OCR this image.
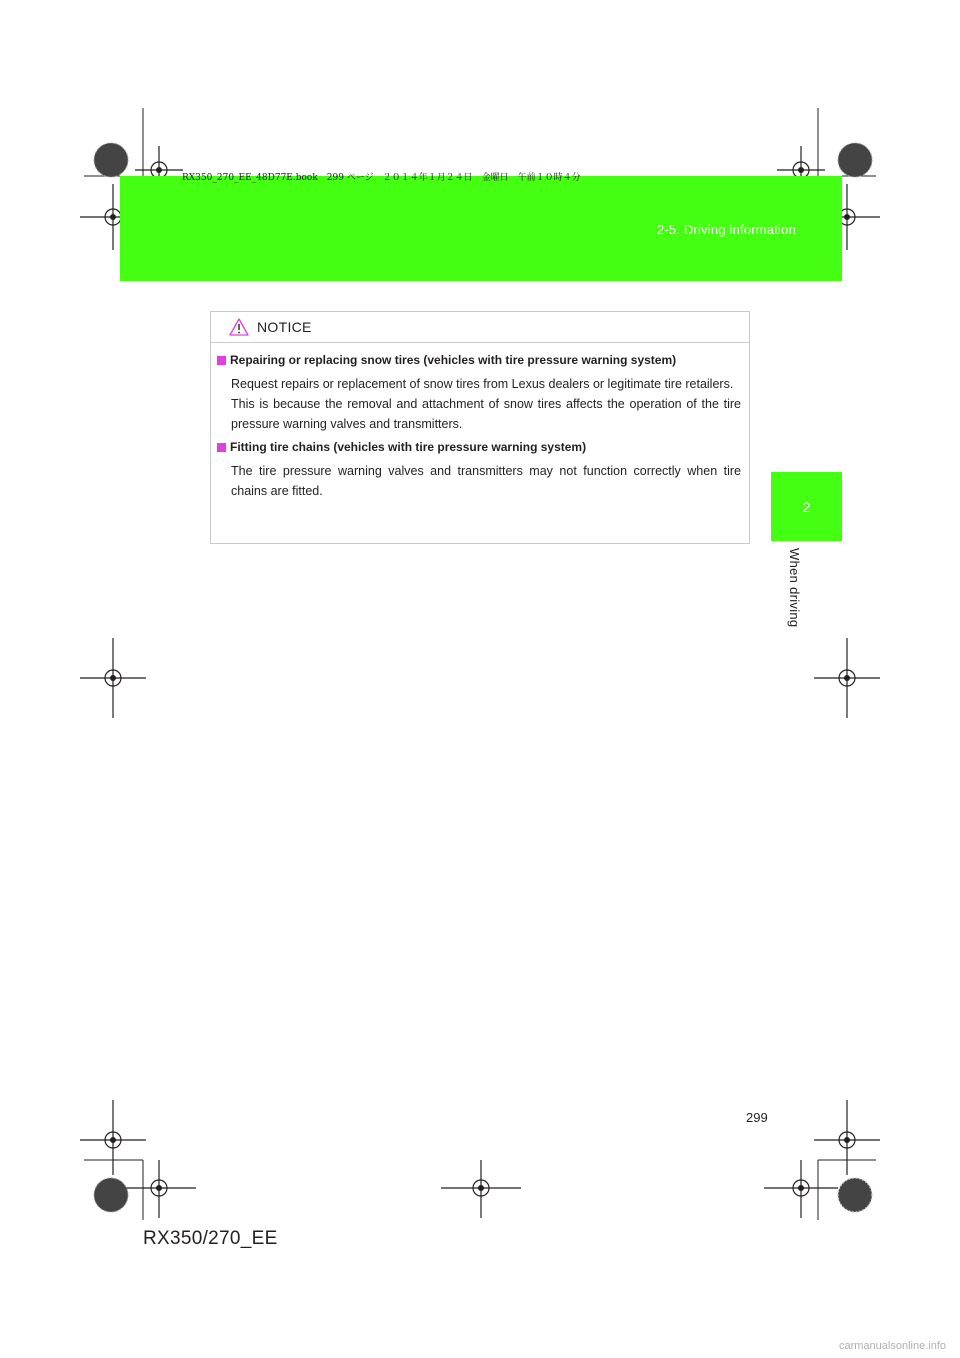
2-5. Driving information
RX350_270_EE_48D77E.book　299 ページ　２０１４年１月２４日　金曜日　午前１０時４分
2
When driving
NOTICE
Repairing or replacing snow tires (vehicles with tire pressure warning system)
Request repairs or replacement of snow tires from Lexus dealers or legitimate tire retailers.
This is because the removal and attachment of snow tires affects the operation of the tire pressure warning valves and transmitters.
Fitting tire chains (vehicles with tire pressure warning system)
The tire pressure warning valves and transmitters may not function correctly when tire chains are fitted.
299
RX350/270_EE
carmanualsonline.info
